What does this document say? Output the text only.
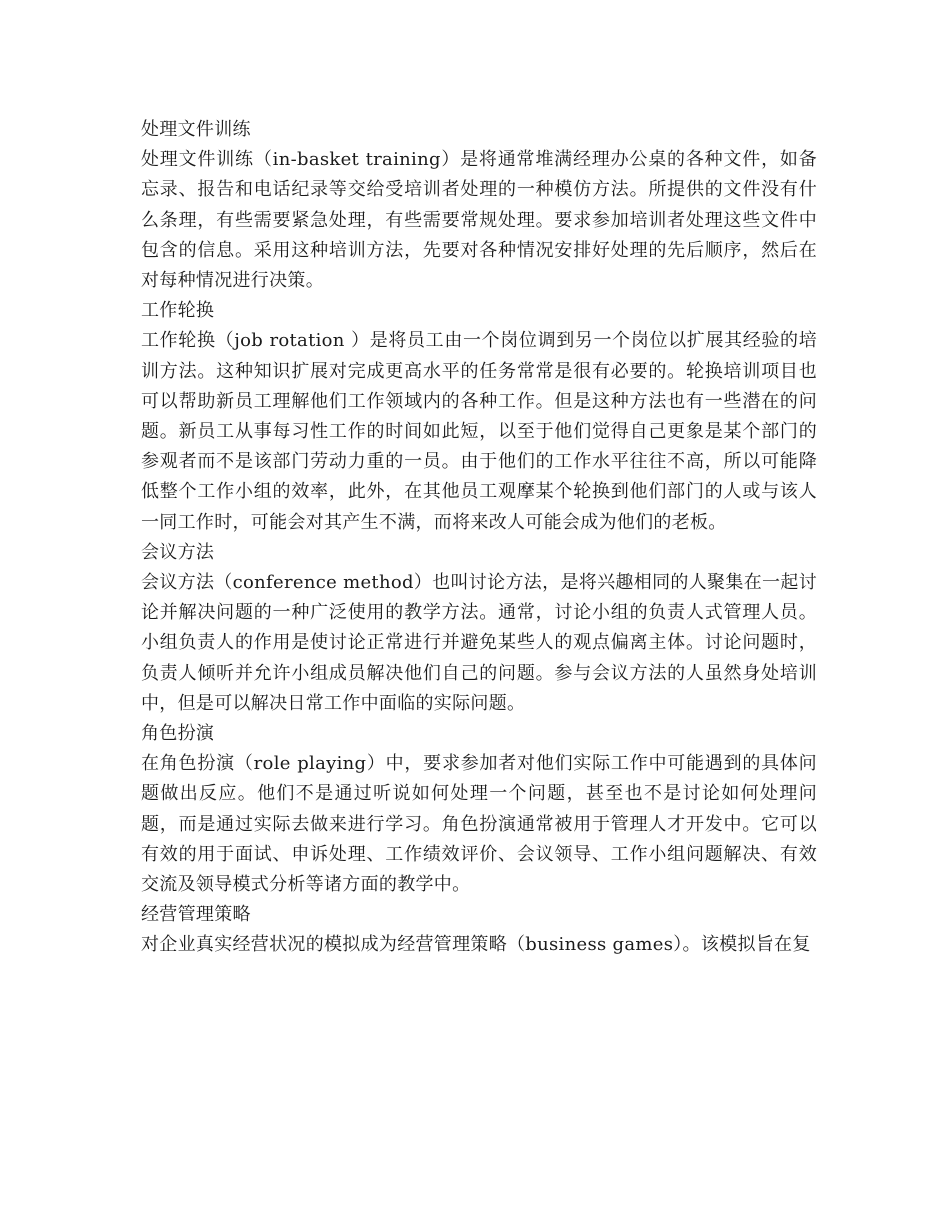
处理文件训练
处理文件训练（in-basket training）是将通常堆满经理办公桌的各种文件，如备忘录、报告和电话纪录等交给受培训者处理的一种模仿方法。所提供的文件没有什么条理，有些需要紧急处理，有些需要常规处理。要求参加培训者处理这些文件中包含的信息。采用这种培训方法，先要对各种情况安排好处理的先后顺序，然后在对每种情况进行决策。
工作轮换
工作轮换（job rotation ）是将员工由一个岗位调到另一个岗位以扩展其经验的培训方法。这种知识扩展对完成更高水平的任务常常是很有必要的。轮换培训项目也可以帮助新员工理解他们工作领域内的各种工作。但是这种方法也有一些潜在的问题。新员工从事每习性工作的时间如此短，以至于他们觉得自己更象是某个部门的参观者而不是该部门劳动力重的一员。由于他们的工作水平往往不高，所以可能降低整个工作小组的效率，此外，在其他员工观摩某个轮换到他们部门的人或与该人一同工作时，可能会对其产生不满，而将来改人可能会成为他们的老板。
会议方法
会议方法（conference method）也叫讨论方法，是将兴趣相同的人聚集在一起讨论并解决问题的一种广泛使用的教学方法。通常，讨论小组的负责人式管理人员。小组负责人的作用是使讨论正常进行并避免某些人的观点偏离主体。讨论问题时，负责人倾听并允许小组成员解决他们自己的问题。参与会议方法的人虽然身处培训中，但是可以解决日常工作中面临的实际问题。
角色扮演
在角色扮演（role playing）中，要求参加者对他们实际工作中可能遇到的具体问题做出反应。他们不是通过听说如何处理一个问题，甚至也不是讨论如何处理问题，而是通过实际去做来进行学习。角色扮演通常被用于管理人才开发中。它可以有效的用于面试、申诉处理、工作绩效评价、会议领导、工作小组问题解决、有效交流及领导模式分析等诸方面的教学中。
经营管理策略
对企业真实经营状况的模拟成为经营管理策略（business games）。该模拟旨在复
